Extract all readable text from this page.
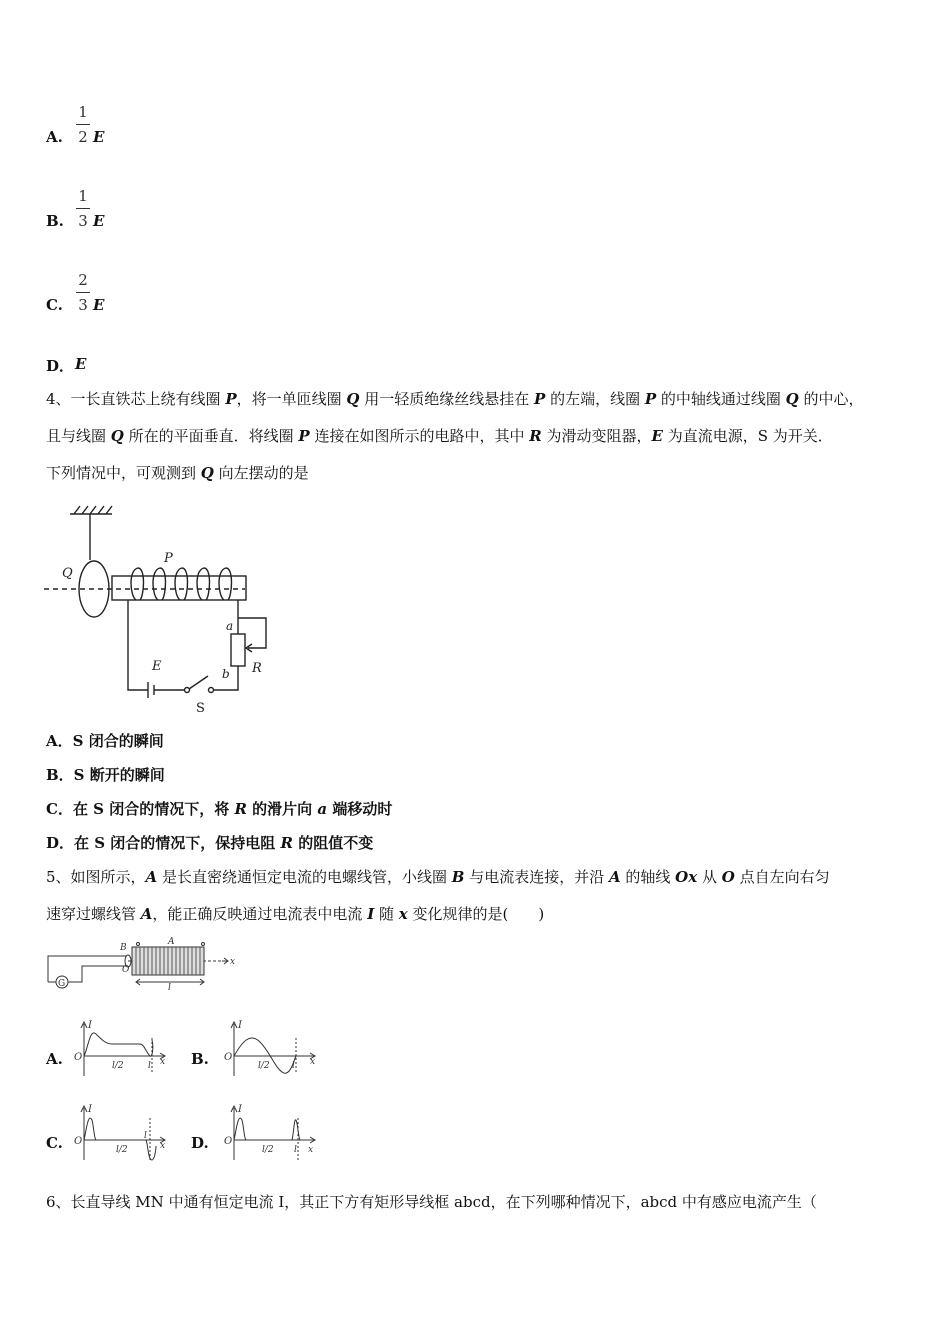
A.
1
2 E
B.
1
3 E
C.
2
3 E
D． E
4、一长直铁芯上绕有线圈 P，将一单匝线圈 Q 用一轻质绝缘丝线悬挂在 P 的左端，线圈 P 的中轴线通过线圈 Q 的中心，
且与线圈 Q 所在的平面垂直．将线圈 P 连接在如图所示的电路中，其中 R 为滑动变阻器，E 为直流电源，S 为开关．
下列情况中，可观测到 Q 向左摆动的是
Q
P
E
a
b R
S
A．S 闭合的瞬间
B．S 断开的瞬间
C．在 S 闭合的情况下，将 R 的滑片向 a 端移动时
D．在 S 闭合的情况下，保持电阻 R 的阻值不变
5、如图所示，A 是长直密绕通恒定电流的电螺线管，小线圈 B 与电流表连接，并沿 A 的轴线 Ox 从 O 点自左向右匀
速穿过螺线管 A，能正确反映通过电流表中电流 I 随 x 变化规律的是(　　)
B
A
O
x
l
G
A.	B.
C.	D.
I
O
l/2	l x
I
O
l/2 l x
I
O
l/2
l
x
I
O
l/2 l x
6、长直导线 MN 中通有恒定电流 I，其正下方有矩形导线框 abcd，在下列哪种情况下，abcd 中有感应电流产生（
